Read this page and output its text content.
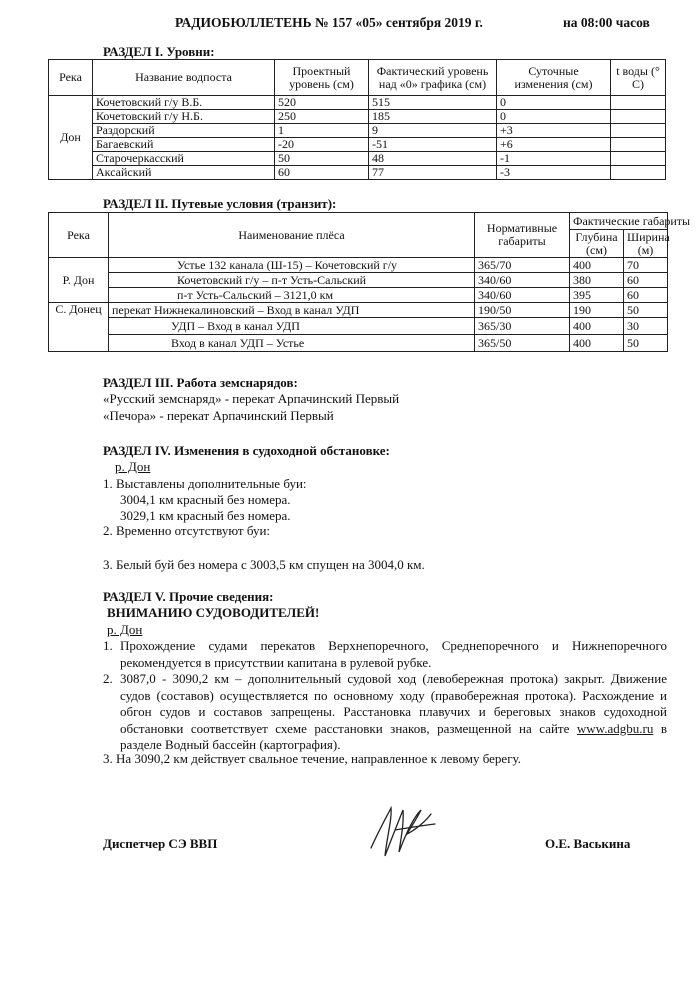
РАДИОБЮЛЛЕТЕНЬ № 157 «05» сентября 2019 г.	на 08:00 часов
РАЗДЕЛ I. Уровни:
Река	Название водпоста	Проектный уровень (см)	Фактический уровень над «0» графика (см)	Суточные изменения (см)	t воды (° С)
Дон	Кочетовский г/у В.Б.	520	515	0	
	Кочетовский г/у Н.Б.	250	185	0	
	Раздорский	1	9	+3	
	Багаевский	-20	-51	+6	
	Старочеркасский	50	48	-1	
	Аксайский	60	77	-3	
РАЗДЕЛ II. Путевые условия (транзит):
Река	Наименование плёса	Нормативные габариты	Фактические габариты	
			Глубина (см)	Ширина (м)
Р. Дон	Устье 132 канала (Ш-15) – Кочетовский г/у	365/70	400	70
	Кочетовский г/у – п-т Усть-Сальский	340/60	380	60
	п-т Усть-Сальский – 3121,0 км	340/60	395	60
С. Донец	перекат Нижнекалиновский – Вход в канал УДП	190/50	190	50
	УДП – Вход в канал УДП	365/30	400	30
	Вход в канал УДП – Устье	365/50	400	50
РАЗДЕЛ III. Работа земснарядов:
«Русский земснаряд» - перекат Арпачинский Первый
«Печора» - перекат Арпачинский Первый
РАЗДЕЛ IV. Изменения в судоходной обстановке:
р. Дон
1. Выставлены дополнительные буи:
3004,1 км красный без номера.
3029,1 км красный без номера.
2. Временно отсутствуют буи:
3. Белый буй без номера с 3003,5 км спущен на 3004,0 км.
РАЗДЕЛ V. Прочие сведения:
ВНИМАНИЮ СУДОВОДИТЕЛЕЙ!
р. Дон
1. Прохождение судами перекатов Верхнепоречного, Среднепоречного и Нижнепоречного рекомендуется в присутствии капитана в рулевой рубке.
2. 3087,0 - 3090,2 км – дополнительный судовой ход (левобережная протока) закрыт. Движение судов (составов) осуществляется по основному ходу (правобережная протока). Расхождение и обгон судов и составов запрещены. Расстановка плавучих и береговых знаков судоходной обстановки соответствует схеме расстановки знаков, размещенной на сайте www.adgbu.ru в разделе Водный бассейн (картография).
3. На 3090,2 км действует свальное течение, направленное к левому берегу.
Диспетчер СЭ ВВП	О.Е. Васькина
